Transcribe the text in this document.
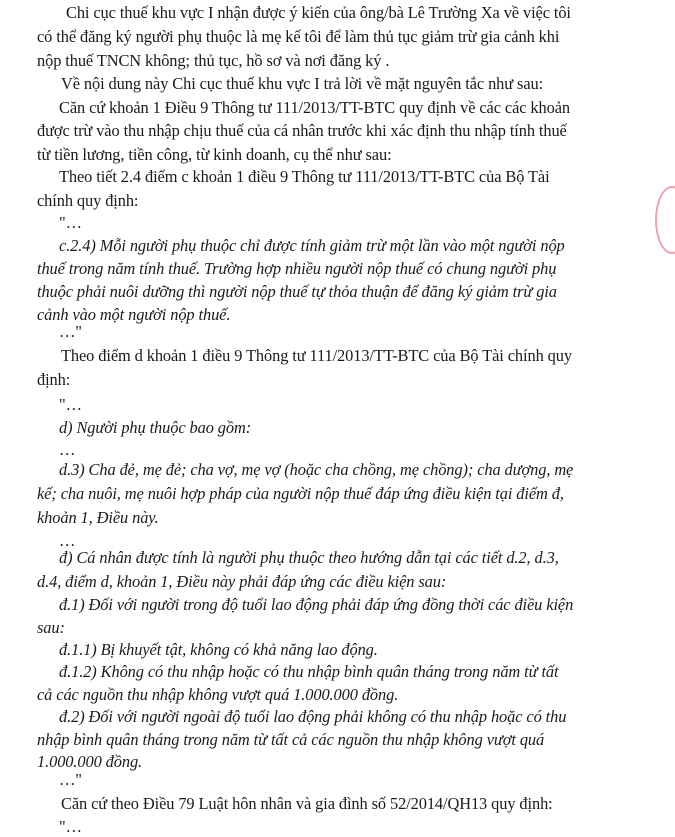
Chi cục thuế khu vực I nhận được ý kiến của ông/bà Lê Trường Xa về việc tôi
có thể đăng ký người phụ thuộc là mẹ kế tôi để làm thủ tục giảm trừ gia cảnh khi
nộp thuế TNCN không; thủ tục, hồ sơ và nơi đăng ký .
Về nội dung này Chi cục thuế khu vực I trả lời về mặt nguyên tắc như sau:
Căn cứ khoản 1 Điều 9 Thông tư 111/2013/TT-BTC quy định về các các khoản
được trừ vào thu nhập chịu thuế của cá nhân trước khi xác định thu nhập tính thuế
từ tiền lương, tiền công, từ kinh doanh, cụ thể như sau:
Theo tiết 2.4 điểm c khoản 1 điều 9 Thông tư 111/2013/TT-BTC của Bộ Tài
chính quy định:
"…
c.2.4) Mỗi người phụ thuộc chỉ được tính giảm trừ một lần vào một người nộp
thuế trong năm tính thuế. Trường hợp nhiều người nộp thuế có chung người phụ
thuộc phải nuôi dưỡng thì người nộp thuế tự thỏa thuận để đăng ký giảm trừ gia
cảnh vào một người nộp thuế.
…"
Theo điểm d khoản 1 điều 9 Thông tư 111/2013/TT-BTC của Bộ Tài chính quy
định:
"…
d) Người phụ thuộc bao gồm:
…
d.3) Cha đẻ, mẹ đẻ; cha vợ, mẹ vợ (hoặc cha chồng, mẹ chồng); cha dượng, mẹ
kế; cha nuôi, mẹ nuôi hợp pháp của người nộp thuế đáp ứng điều kiện tại điểm đ,
khoản 1, Điều này.
…
đ) Cá nhân được tính là người phụ thuộc theo hướng dẫn tại các tiết d.2, d.3,
d.4, điểm d, khoản 1, Điều này phải đáp ứng các điều kiện sau:
đ.1) Đối với người trong độ tuổi lao động phải đáp ứng đồng thời các điều kiện
sau:
đ.1.1) Bị khuyết tật, không có khả năng lao động.
đ.1.2) Không có thu nhập hoặc có thu nhập bình quân tháng trong năm từ tất
cả các nguồn thu nhập không vượt quá 1.000.000 đồng.
đ.2) Đối với người ngoài độ tuổi lao động phải không có thu nhập hoặc có thu
nhập bình quân tháng trong năm từ tất cả các nguồn thu nhập không vượt quá
1.000.000 đồng.
…"
Căn cứ theo Điều 79 Luật hôn nhân và gia đình số 52/2014/QH13 quy định:
"…
